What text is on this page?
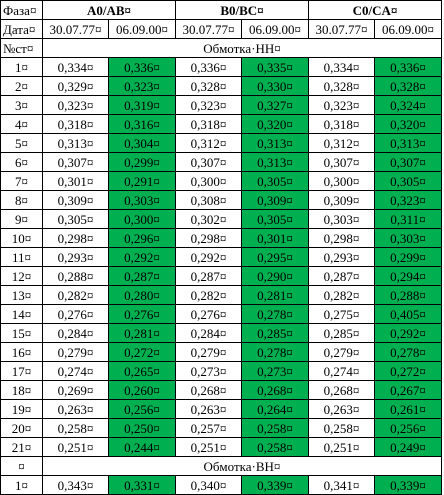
Фаза¤	A0/AB¤		B0/BC¤		C0/CA¤	
Дата¤	30.07.77¤	06.09.00¤	30.07.77¤	06.09.00¤	30.07.77¤	06.09.00¤
№ст¤	Обмотка·НН¤					
1¤	0,334¤	0,336¤	0,336¤	0,335¤	0,334¤	0,336¤
2¤	0,329¤	0,323¤	0,328¤	0,330¤	0,328¤	0,328¤
3¤	0,323¤	0,319¤	0,323¤	0,327¤	0,323¤	0,324¤
4¤	0,318¤	0,316¤	0,318¤	0,320¤	0,318¤	0,320¤
5¤	0,313¤	0,304¤	0,312¤	0,313¤	0,312¤	0,313¤
6¤	0,307¤	0,299¤	0,307¤	0,313¤	0,307¤	0,307¤
7¤	0,301¤	0,291¤	0,300¤	0,305¤	0,300¤	0,305¤
8¤	0,309¤	0,303¤	0,308¤	0,309¤	0,309¤	0,323¤
9¤	0,305¤	0,300¤	0,302¤	0,305¤	0,303¤	0,311¤
10¤	0,298¤	0,296¤	0,298¤	0,301¤	0,298¤	0,303¤
11¤	0,293¤	0,292¤	0,292¤	0,295¤	0,293¤	0,299¤
12¤	0,288¤	0,287¤	0,287¤	0,290¤	0,287¤	0,294¤
13¤	0,282¤	0,280¤	0,282¤	0,281¤	0,282¤	0,288¤
14¤	0,276¤	0,276¤	0,276¤	0,278¤	0,275¤	0,405¤
15¤	0,284¤	0,281¤	0,284¤	0,285¤	0,285¤	0,292¤
16¤	0,279¤	0,272¤	0,279¤	0,278¤	0,279¤	0,278¤
17¤	0,274¤	0,265¤	0,273¤	0,273¤	0,274¤	0,272¤
18¤	0,269¤	0,260¤	0,268¤	0,268¤	0,268¤	0,267¤
19¤	0,263¤	0,256¤	0,263¤	0,264¤	0,263¤	0,261¤
20¤	0,258¤	0,250¤	0,257¤	0,258¤	0,258¤	0,256¤
21¤	0,251¤	0,244¤	0,251¤	0,258¤	0,251¤	0,249¤
¤	Обмотка·ВН¤					
1¤	0,343¤	0,331¤	0,340¤	0,339¤	0,341¤	0,339¤
